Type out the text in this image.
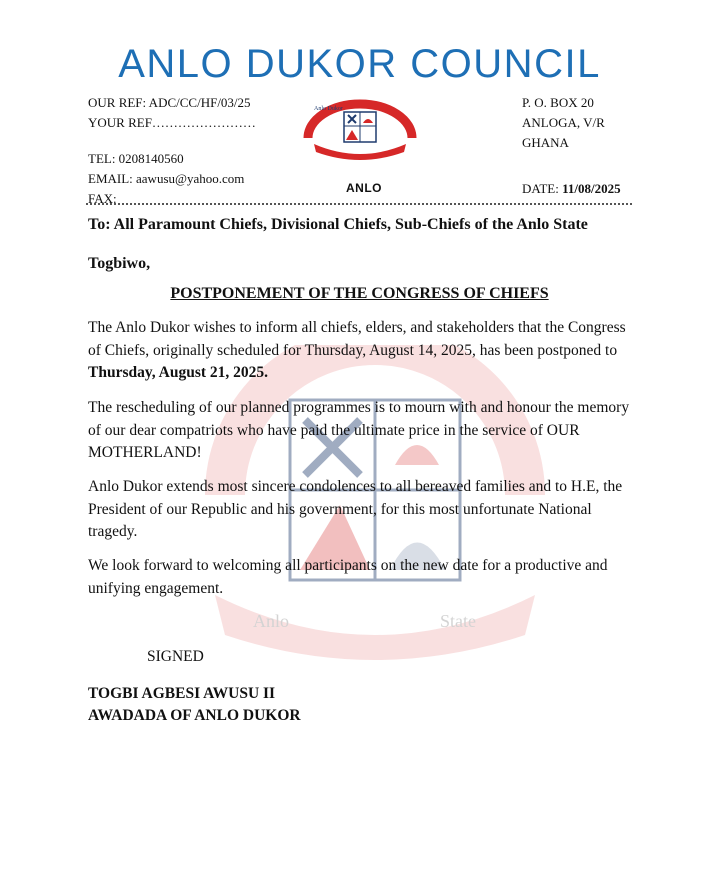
Anlo	State
ANLO DUKOR COUNCIL
OUR REF: ADC/CC/HF/03/25
YOUR REF……………………
TEL: 0208140560
EMAIL: aawusu@yahoo.com
FAX:
Anlo Dukor	P. O. BOX 20
ANLOGA, V/R
GHANA
ANLO	DATE: 11/08/2025
To: All Paramount Chiefs, Divisional Chiefs, Sub-Chiefs of the Anlo State
Togbiwo,
POSTPONEMENT OF THE CONGRESS OF CHIEFS
The Anlo Dukor wishes to inform all chiefs, elders, and stakeholders that the Congress of Chiefs, originally scheduled for Thursday, August 14, 2025, has been postponed to Thursday, August 21, 2025.
The rescheduling of our planned programmes is to mourn with and honour the memory of our dear compatriots who have paid the ultimate price in the service of OUR MOTHERLAND!
Anlo Dukor extends most sincere condolences to all bereaved families and to H.E, the President of our Republic and his government, for this most unfortunate National tragedy.
We look forward to welcoming all participants on the new date for a productive and unifying engagement.
SIGNED
TOGBI AGBESI AWUSU II
AWADADA OF ANLO DUKOR
